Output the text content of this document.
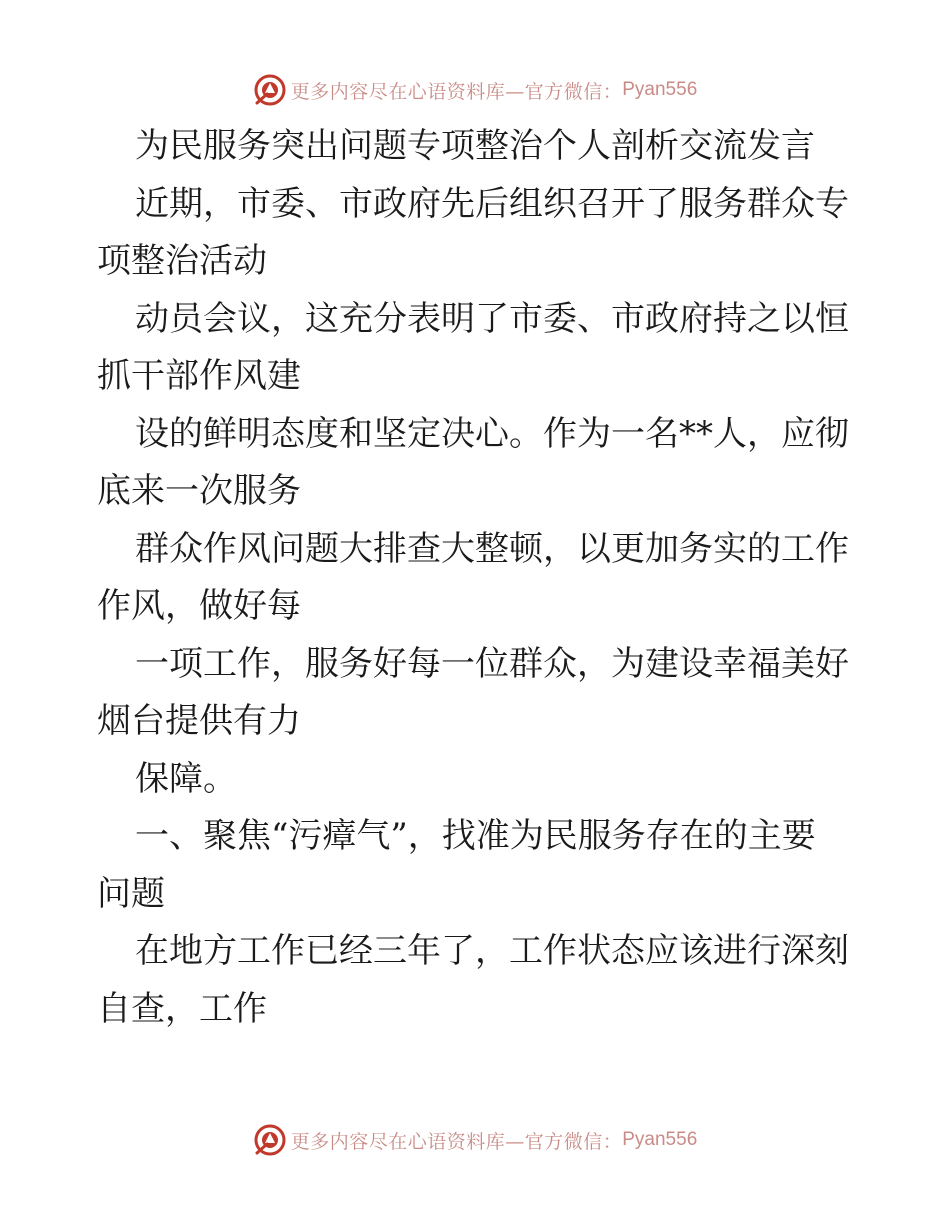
更多内容尽在心语资料库—官方微信： Pyan556
为民服务突出问题专项整治个人剖析交流发言
近期，市委、市政府先后组织召开了服务群众专
项整治活动
动员会议，这充分表明了市委、市政府持之以恒
抓干部作风建
设的鲜明态度和坚定决心。作为一名**人，应彻
底来一次服务
群众作风问题大排查大整顿，以更加务实的工作
作风，做好每
一项工作，服务好每一位群众，为建设幸福美好
烟台提供有力
保障。
一、聚焦“污瘴气”，找准为民服务存在的主要
问题
在地方工作已经三年了，工作状态应该进行深刻
自查，工作
更多内容尽在心语资料库—官方微信： Pyan556
